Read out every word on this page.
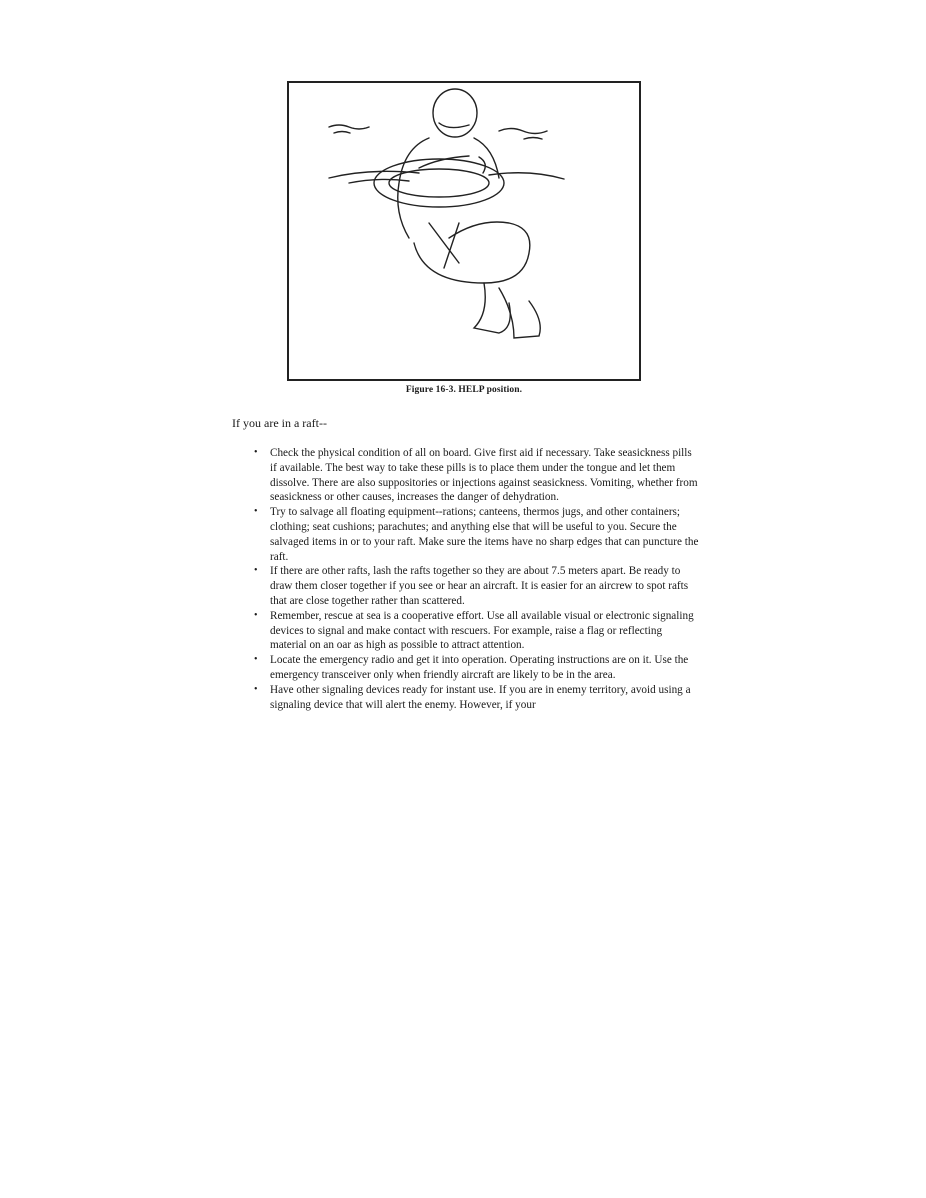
Figure 16-3. HELP position.
If you are in a raft--
• Check the physical condition of all on board. Give first aid if necessary. Take seasickness pills if available. The best way to take these pills is to place them under the tongue and let them dissolve. There are also suppositories or injections against seasickness. Vomiting, whether from seasickness or other causes, increases the danger of dehydration.
• Try to salvage all floating equipment--rations; canteens, thermos jugs, and other containers; clothing; seat cushions; parachutes; and anything else that will be useful to you. Secure the salvaged items in or to your raft. Make sure the items have no sharp edges that can puncture the raft.
• If there are other rafts, lash the rafts together so they are about 7.5 meters apart. Be ready to draw them closer together if you see or hear an aircraft. It is easier for an aircrew to spot rafts that are close together rather than scattered.
• Remember, rescue at sea is a cooperative effort. Use all available visual or electronic signaling devices to signal and make contact with rescuers. For example, raise a flag or reflecting material on an oar as high as possible to attract attention.
• Locate the emergency radio and get it into operation. Operating instructions are on it. Use the emergency transceiver only when friendly aircraft are likely to be in the area.
• Have other signaling devices ready for instant use. If you are in enemy territory, avoid using a signaling device that will alert the enemy. However, if your
